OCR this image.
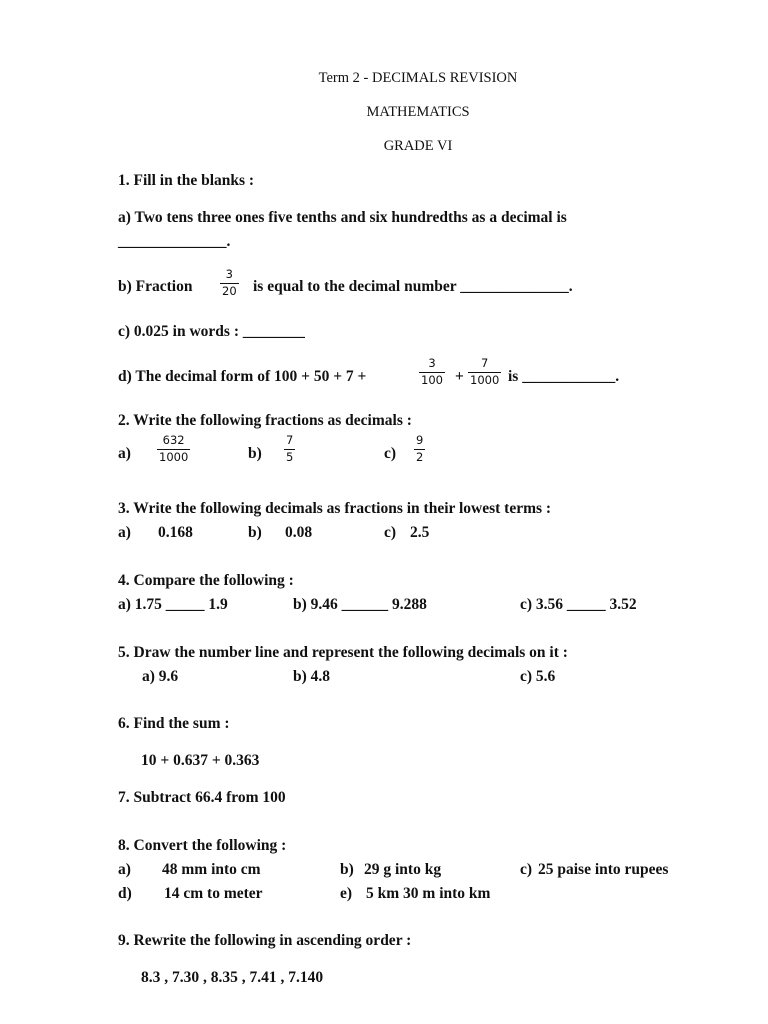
Term 2 - DECIMALS REVISION
MATHEMATICS
GRADE VI
1. Fill in the blanks :
a) Two tens three ones five tenths and six hundredths as a decimal is
______________.
b) Fraction $\frac{3}{20}$ is equal to the decimal number ______________.
c) 0.025 in words : ________
d) The decimal form of 100 + 50 + 7 +	$\frac{3}{100} + \frac{7}{1000}$ is ____________.
2. Write the following fractions as decimals :
$a) \frac{632}{1000}$	$b) \frac{7}{5}$	$c) \frac{9}{2}$
3. Write the following decimals as fractions in their lowest terms :
a) 0.168	b) 0.08	c) 2.5
4. Compare the following :
a) 1.75 _____ 1.9	b) 9.46 ______ 9.288	c) 3.56 _____ 3.52
5. Draw the number line and represent the following decimals on it :
a) 9.6	b) 4.8	c) 5.6
6. Find the sum :
10 + 0.637 + 0.363
7. Subtract 66.4 from 100
8. Convert the following :
a) 48 mm into cm	b) 29 g into kg	c) 25 paise into rupees
d) 14 cm to meter	e) 5 km 30 m into km
9. Rewrite the following in ascending order :
8.3 , 7.30 , 8.35 , 7.41 , 7.140
